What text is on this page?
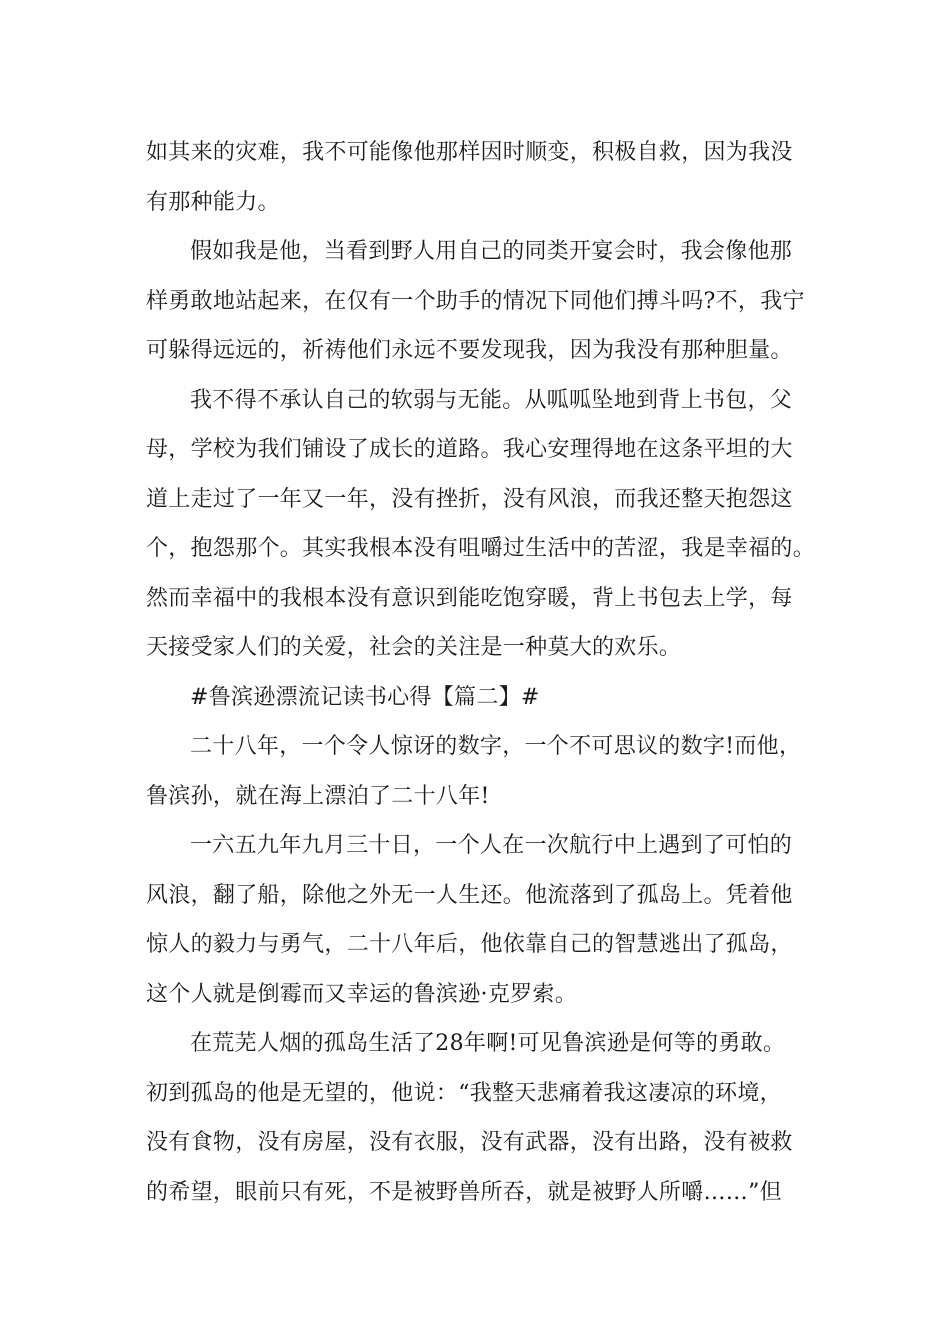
如其来的灾难，我不可能像他那样因时顺变，积极自救，因为我没
有那种能力。
假如我是他，当看到野人用自己的同类开宴会时，我会像他那
样勇敢地站起来，在仅有一个助手的情况下同他们搏斗吗?不，我宁
可躲得远远的，祈祷他们永远不要发现我，因为我没有那种胆量。
我不得不承认自己的软弱与无能。从呱呱坠地到背上书包，父
母，学校为我们铺设了成长的道路。我心安理得地在这条平坦的大
道上走过了一年又一年，没有挫折，没有风浪，而我还整天抱怨这
个，抱怨那个。其实我根本没有咀嚼过生活中的苦涩，我是幸福的。
然而幸福中的我根本没有意识到能吃饱穿暖，背上书包去上学，每
天接受家人们的关爱，社会的关注是一种莫大的欢乐。
#鲁滨逊漂流记读书心得【篇二】#
二十八年，一个令人惊讶的数字，一个不可思议的数字!而他，
鲁滨孙，就在海上漂泊了二十八年!
一六五九年九月三十日，一个人在一次航行中上遇到了可怕的
风浪，翻了船，除他之外无一人生还。他流落到了孤岛上。凭着他
惊人的毅力与勇气，二十八年后，他依靠自己的智慧逃出了孤岛，
这个人就是倒霉而又幸运的鲁滨逊·克罗索。
在荒芜人烟的孤岛生活了28年啊!可见鲁滨逊是何等的勇敢。
初到孤岛的他是无望的，他说：“我整天悲痛着我这凄凉的环境，
没有食物，没有房屋，没有衣服，没有武器，没有出路，没有被救
的希望，眼前只有死，不是被野兽所吞，就是被野人所嚼……”但
